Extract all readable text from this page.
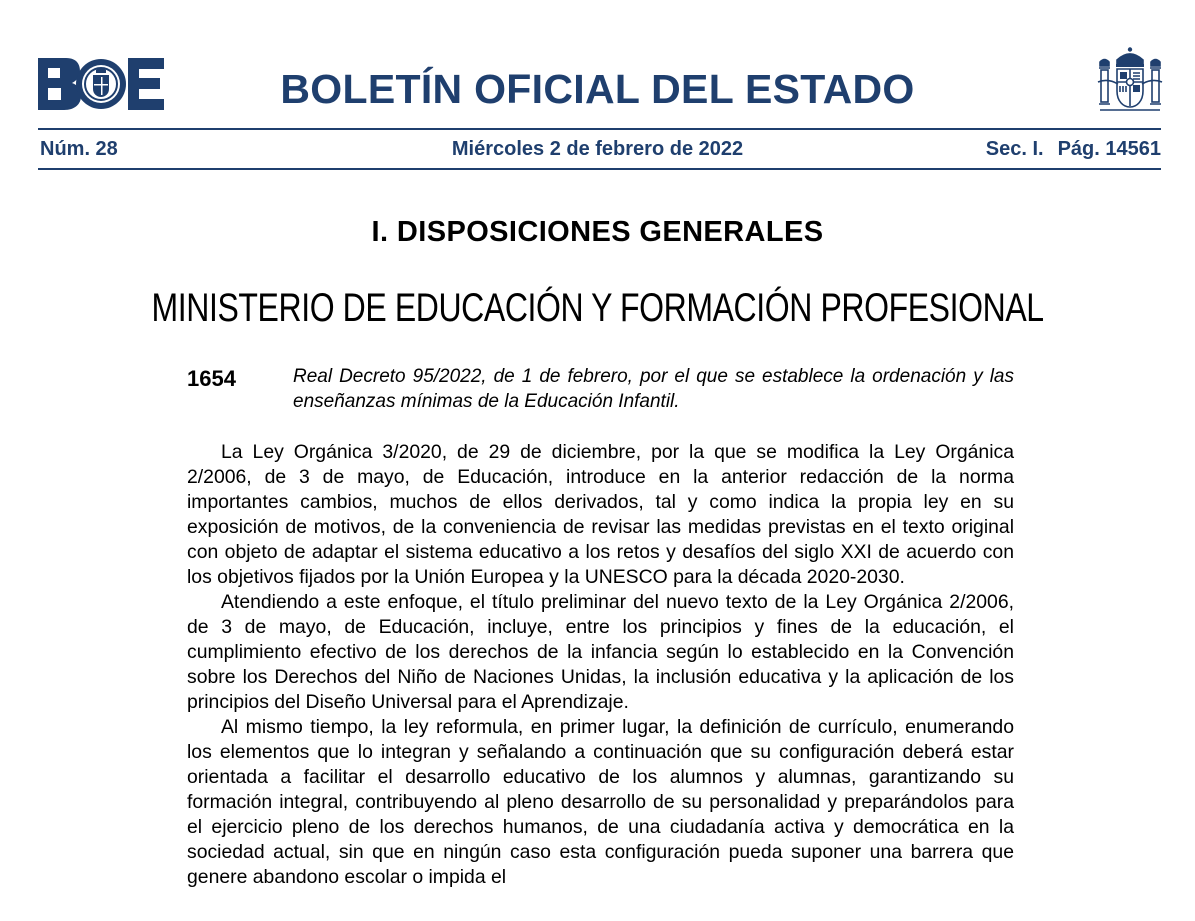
BOLETÍN OFICIAL DEL ESTADO
Núm. 28	Miércoles 2 de febrero de 2022	Sec. I. Pág. 14561
I. DISPOSICIONES GENERALES
MINISTERIO DE EDUCACIÓN Y FORMACIÓN PROFESIONAL
1654	Real Decreto 95/2022, de 1 de febrero, por el que se establece la ordenación y las enseñanzas mínimas de la Educación Infantil.

La Ley Orgánica 3/2020, de 29 de diciembre, por la que se modifica la Ley Orgánica 2/2006, de 3 de mayo, de Educación, introduce en la anterior redacción de la norma importantes cambios, muchos de ellos derivados, tal y como indica la propia ley en su exposición de motivos, de la conveniencia de revisar las medidas previstas en el texto original con objeto de adaptar el sistema educativo a los retos y desafíos del siglo XXI de acuerdo con los objetivos fijados por la Unión Europea y la UNESCO para la década 2020-2030.

Atendiendo a este enfoque, el título preliminar del nuevo texto de la Ley Orgánica 2/2006, de 3 de mayo, de Educación, incluye, entre los principios y fines de la educación, el cumplimiento efectivo de los derechos de la infancia según lo establecido en la Convención sobre los Derechos del Niño de Naciones Unidas, la inclusión educativa y la aplicación de los principios del Diseño Universal para el Aprendizaje.

Al mismo tiempo, la ley reformula, en primer lugar, la definición de currículo, enumerando los elementos que lo integran y señalando a continuación que su configuración deberá estar orientada a facilitar el desarrollo educativo de los alumnos y alumnas, garantizando su formación integral, contribuyendo al pleno desarrollo de su personalidad y preparándolos para el ejercicio pleno de los derechos humanos, de una ciudadanía activa y democrática en la sociedad actual, sin que en ningún caso esta configuración pueda suponer una barrera que genere abandono escolar o impida el
